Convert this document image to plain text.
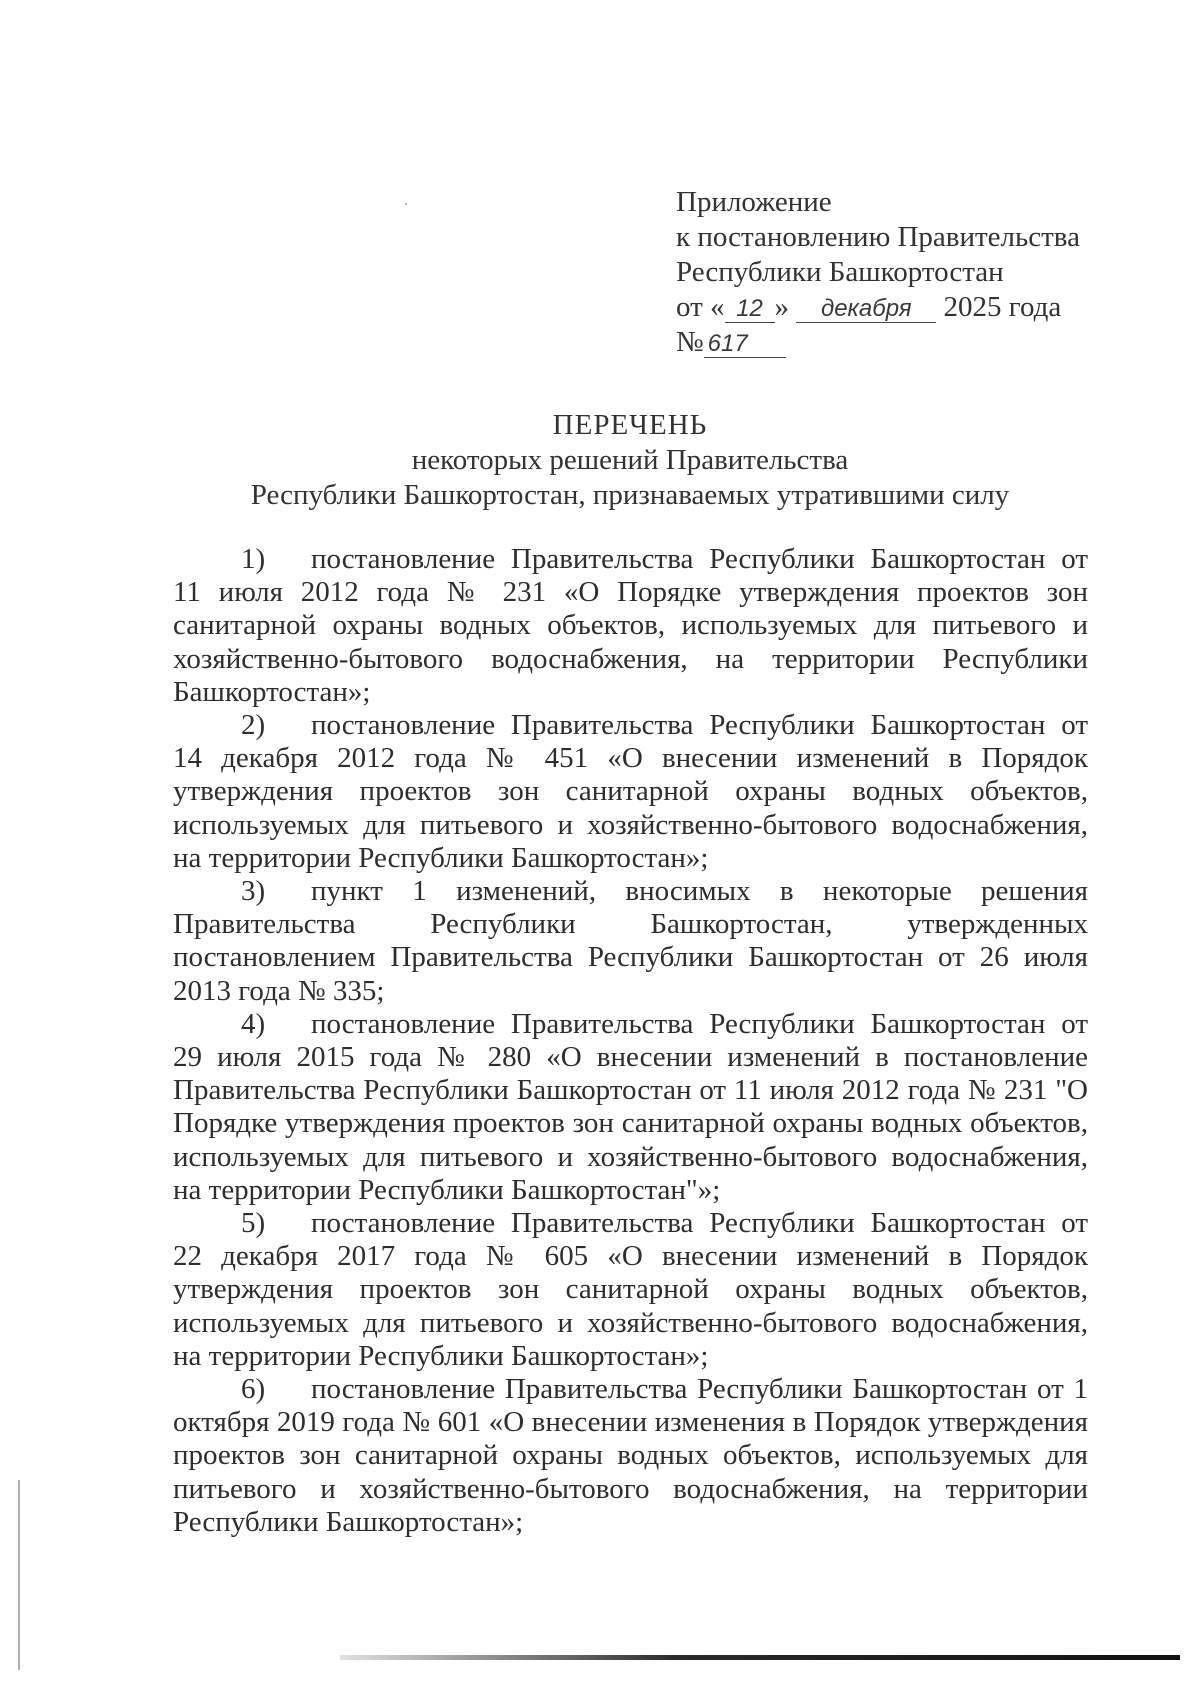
Приложение
к постановлению Правительства
Республики Башкортостан
от « 12 » декабря 2025 года
№ 617
ПЕРЕЧЕНЬ
некоторых решений Правительства
Республики Башкортостан, признаваемых утратившими силу

1) постановление Правительства Республики Башкортостан от 11 июля 2012 года № 231 «О Порядке утверждения проектов зон санитарной охраны водных объектов, используемых для питьевого и хозяйственно-бытового водоснабжения, на территории Республики Башкортостан»;

2) постановление Правительства Республики Башкортостан от 14 декабря 2012 года № 451 «О внесении изменений в Порядок утверждения проектов зон санитарной охраны водных объектов, используемых для питьевого и хозяйственно-бытового водоснабжения, на территории Республики Башкортостан»;

3) пункт 1 изменений, вносимых в некоторые решения Правительства Республики Башкортостан, утвержденных постановлением Правительства Республики Башкортостан от 26 июля 2013 года № 335;

4) постановление Правительства Республики Башкортостан от 29 июля 2015 года № 280 «О внесении изменений в постановление Правительства Республики Башкортостан от 11 июля 2012 года № 231 "О Порядке утверждения проектов зон санитарной охраны водных объектов, используемых для питьевого и хозяйственно-бытового водоснабжения, на территории Республики Башкортостан"»;

5) постановление Правительства Республики Башкортостан от 22 декабря 2017 года № 605 «О внесении изменений в Порядок утверждения проектов зон санитарной охраны водных объектов, используемых для питьевого и хозяйственно-бытового водоснабжения, на территории Республики Башкортостан»;

6) постановление Правительства Республики Башкортостан от 1 октября 2019 года № 601 «О внесении изменения в Порядок утверждения проектов зон санитарной охраны водных объектов, используемых для питьевого и хозяйственно-бытового водоснабжения, на территории Республики Башкортостан»;
